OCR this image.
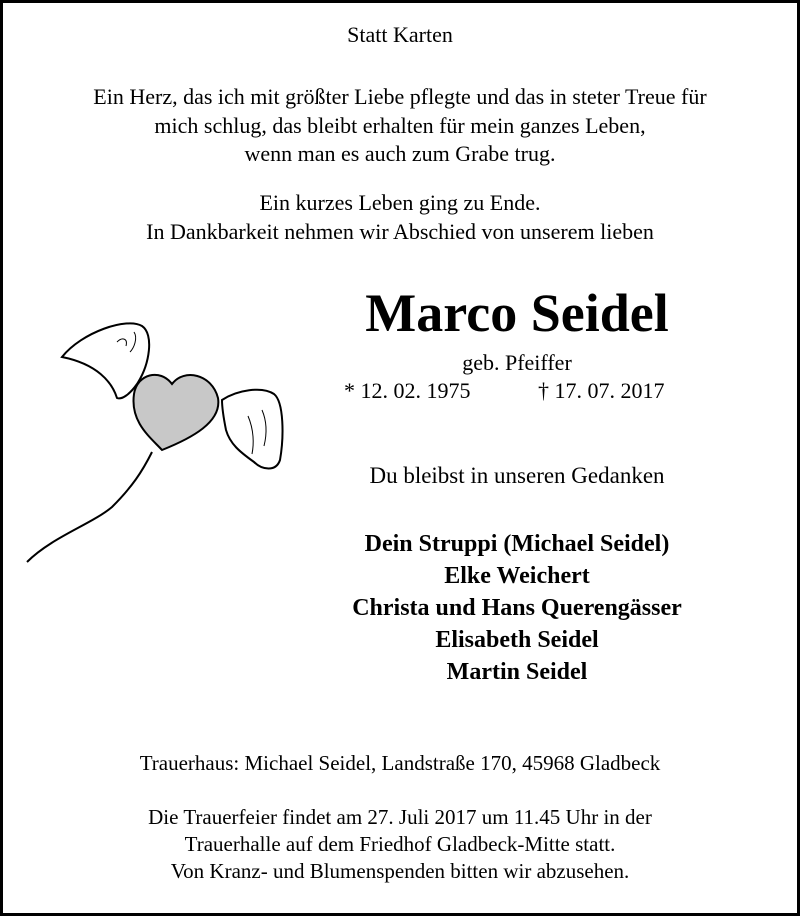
Statt Karten
Ein Herz, das ich mit größter Liebe pflegte und das in steter Treue für
mich schlug, das bleibt erhalten für mein ganzes Leben,
wenn man es auch zum Grabe trug.
Ein kurzes Leben ging zu Ende.
In Dankbarkeit nehmen wir Abschied von unserem lieben
Marco Seidel
geb. Pfeiffer
* 12. 02. 1975	† 17. 07. 2017
Du bleibst in unseren Gedanken
Dein Struppi (Michael Seidel)
Elke Weichert
Christa und Hans Querengässer
Elisabeth Seidel
Martin Seidel
Trauerhaus: Michael Seidel, Landstraße 170, 45968 Gladbeck
Die Trauerfeier findet am 27. Juli 2017 um 11.45 Uhr in der
Trauerhalle auf dem Friedhof Gladbeck-Mitte statt.
Von Kranz- und Blumenspenden bitten wir abzusehen.
